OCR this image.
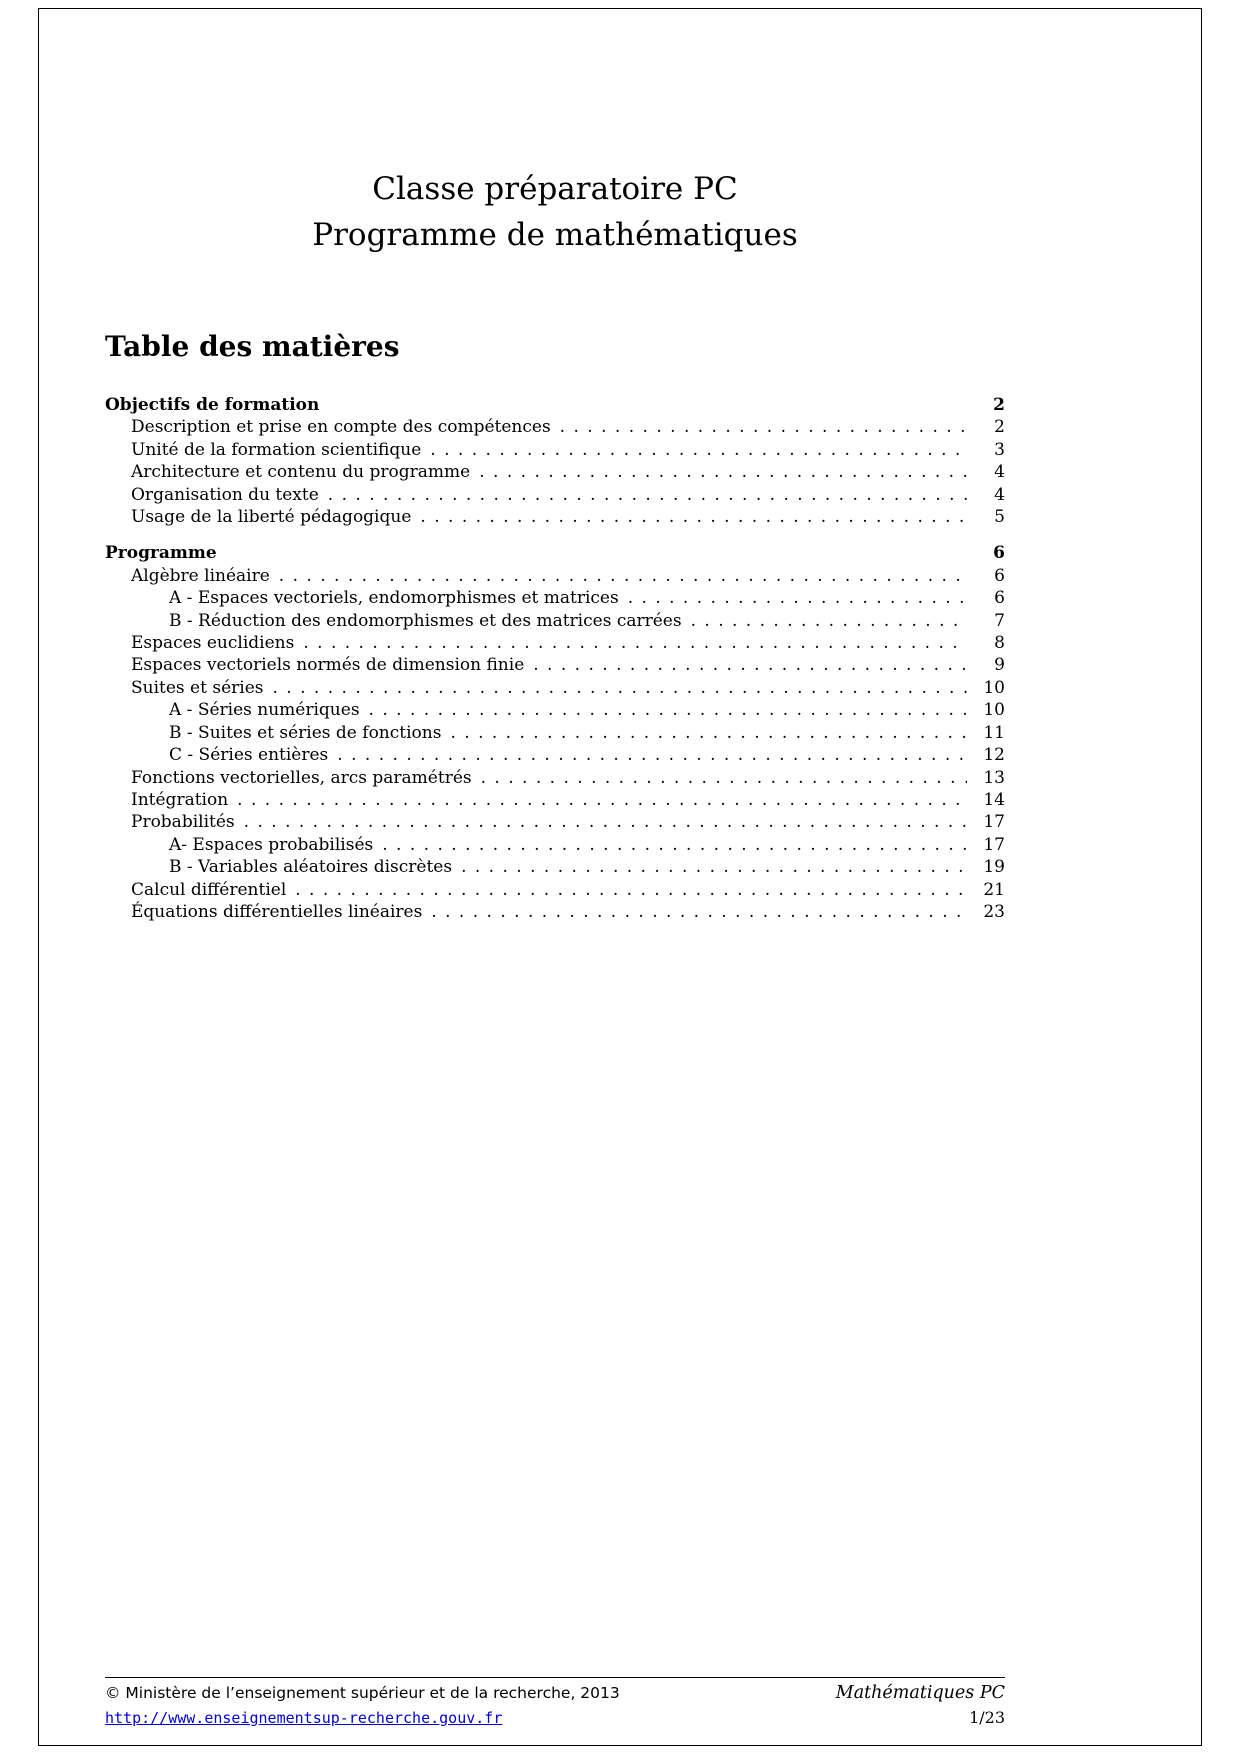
Classe préparatoire PC
Programme de mathématiques
Table des matières
Objectifs de formation	2
Description et prise en compte des compétences . . .	2
Unité de la formation scientifique . . .	3
Architecture et contenu du programme . . .	4
Organisation du texte . . .	4
Usage de la liberté pédagogique . . .	5
Programme	6
Algèbre linéaire . . .	6
A - Espaces vectoriels, endomorphismes et matrices . . .	6
B - Réduction des endomorphismes et des matrices carrées . . .	7
Espaces euclidiens . . .	8
Espaces vectoriels normés de dimension finie . . .	9
Suites et séries . . .	10
A - Séries numériques . . .	10
B - Suites et séries de fonctions . . .	11
C - Séries entières . . .	12
Fonctions vectorielles, arcs paramétrés . . .	13
Intégration . . .	14
Probabilités . . .	17
A- Espaces probabilisés . . .	17
B - Variables aléatoires discrètes . . .	19
Calcul différentiel . . .	21
Équations différentielles linéaires . . .	23
© Ministère de l’enseignement supérieur et de la recherche, 2013	Mathématiques PC
http://www.enseignementsup-recherche.gouv.fr	1/23
